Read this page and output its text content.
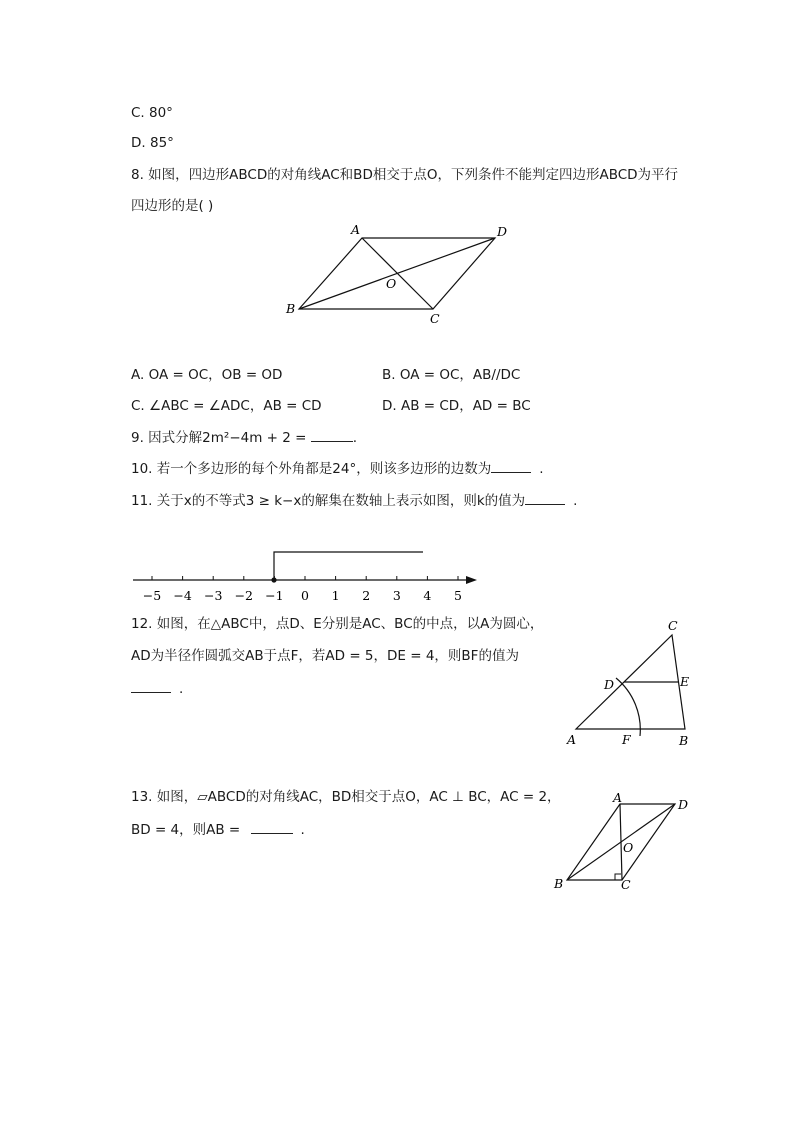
C. 80°
D. 85°
8. 如图，四边形ABCD的对角线AC和BD相交于点O，下列条件不能判定四边形ABCD为平行
四边形的是( )
A	D
O
B
C
A. OA = OC，OB = OD	B. OA = OC，AB//DC
C. ∠ABC = ∠ADC，AB = CD	D. AB = CD，AD = BC
9. 因式分解2m²−4m + 2 =	.
10. 若一个多边形的每个外角都是24°，则该多边形的边数为	.
11. 关于x的不等式3 ≥ k−x的解集在数轴上表示如图，则k的值为	.
−5 −4 −3 −2 −1 0 1 2 3 4 5
12. 如图，在△ABC中，点D、E分别是AC、BC的中点，以A为圆心，
AD为半径作圆弧交AB于点F，若AD = 5，DE = 4，则BF的值为
.
C
D	E
A	F	B
13. 如图，▱ABCD的对角线AC，BD相交于点O，AC ⊥ BC，AC = 2，
BD = 4，则AB =	.
A	D
O
B	C
